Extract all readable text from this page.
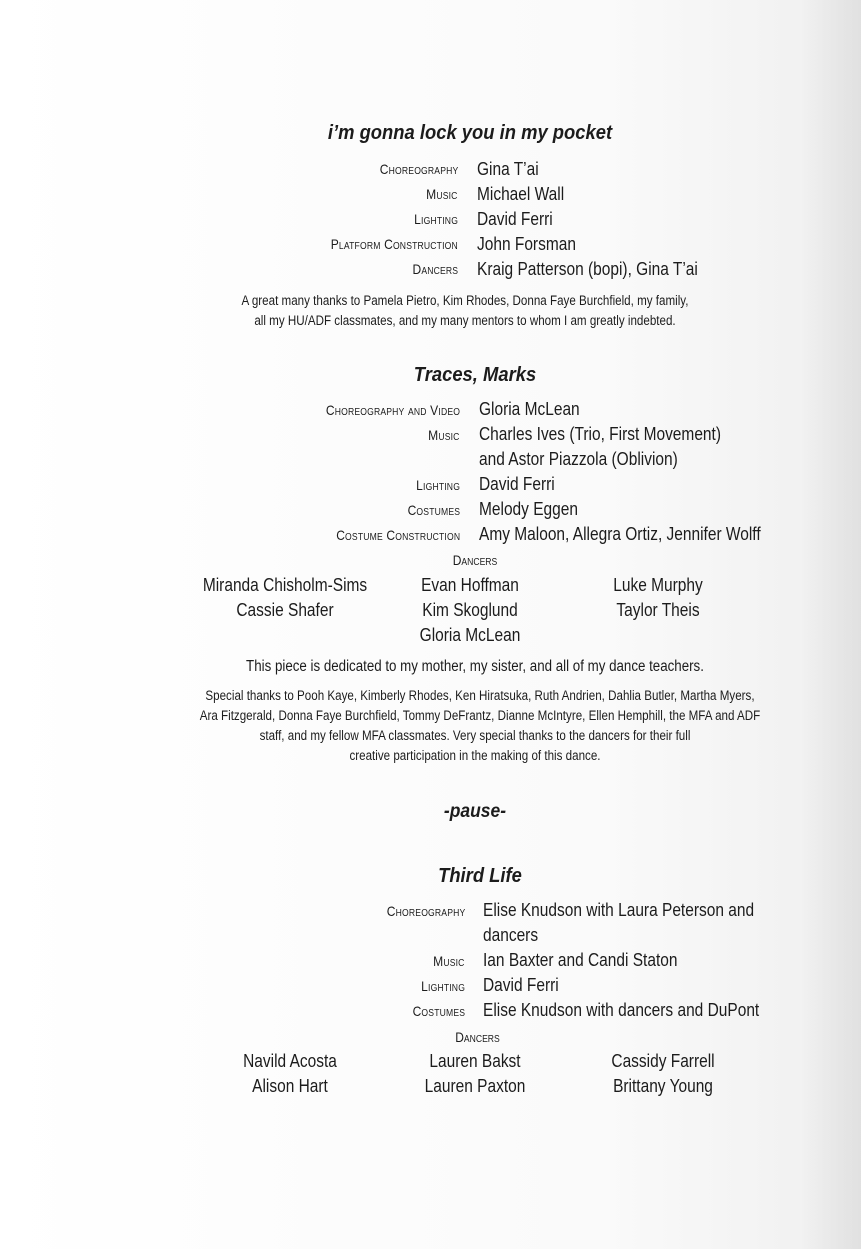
i’m gonna lock you in my pocket
Choreography Gina T’ai
Music Michael Wall
Lighting David Ferri
Platform Construction John Forsman
Dancers Kraig Patterson (bopi), Gina T’ai
A great many thanks to Pamela Pietro, Kim Rhodes, Donna Faye Burchfield, my family,
all my HU/ADF classmates, and my many mentors to whom I am greatly indebted.
Traces, Marks
Choreography and Video Gloria McLean
Music Charles Ives (Trio, First Movement)
and Astor Piazzola (Oblivion)
Lighting David Ferri
Costumes Melody Eggen
Costume Construction Amy Maloon, Allegra Ortiz, Jennifer Wolff
Dancers
Miranda Chisholm-Sims
Cassie Shafer
Evan Hoffman
Kim Skoglund
Gloria McLean
Luke Murphy
Taylor Theis
This piece is dedicated to my mother, my sister, and all of my dance teachers.
Special thanks to Pooh Kaye, Kimberly Rhodes, Ken Hiratsuka, Ruth Andrien, Dahlia Butler, Martha Myers,
Ara Fitzgerald, Donna Faye Burchfield, Tommy DeFrantz, Dianne McIntyre, Ellen Hemphill, the MFA and ADF
staff, and my fellow MFA classmates. Very special thanks to the dancers for their full
creative participation in the making of this dance.
-pause-
Third Life
Choreography Elise Knudson with Laura Peterson and
dancers
Music Ian Baxter and Candi Staton
Lighting David Ferri
Costumes Elise Knudson with dancers and DuPont
Dancers
Navild Acosta
Alison Hart
Lauren Bakst
Lauren Paxton
Cassidy Farrell
Brittany Young
